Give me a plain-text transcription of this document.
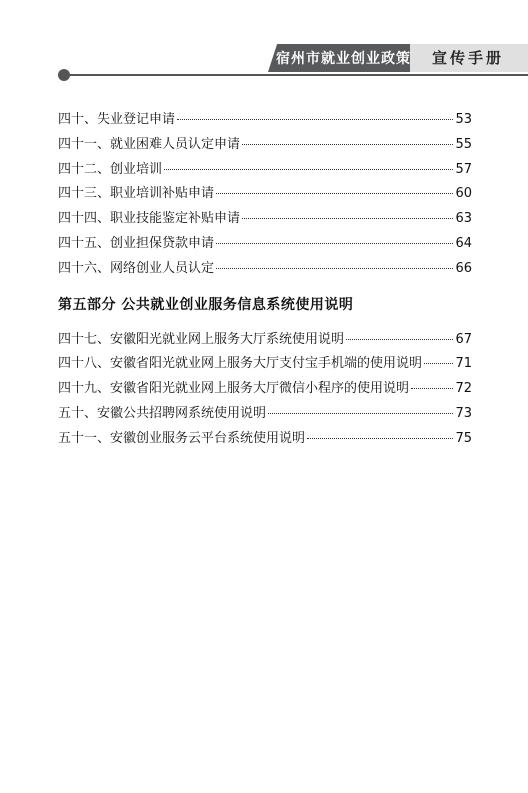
宿州市就业创业政策 宣传手册
四十、失业登记申请	53
四十一、就业困难人员认定申请	55
四十二、创业培训	57
四十三、职业培训补贴申请	60
四十四、职业技能鉴定补贴申请	63
四十五、创业担保贷款申请	64
四十六、网络创业人员认定	66
第五部分 公共就业创业服务信息系统使用说明
四十七、安徽阳光就业网上服务大厅系统使用说明	67
四十八、安徽省阳光就业网上服务大厅支付宝手机端的使用说明	71
四十九、安徽省阳光就业网上服务大厅微信小程序的使用说明	72
五十、安徽公共招聘网系统使用说明	73
五十一、安徽创业服务云平台系统使用说明	75
